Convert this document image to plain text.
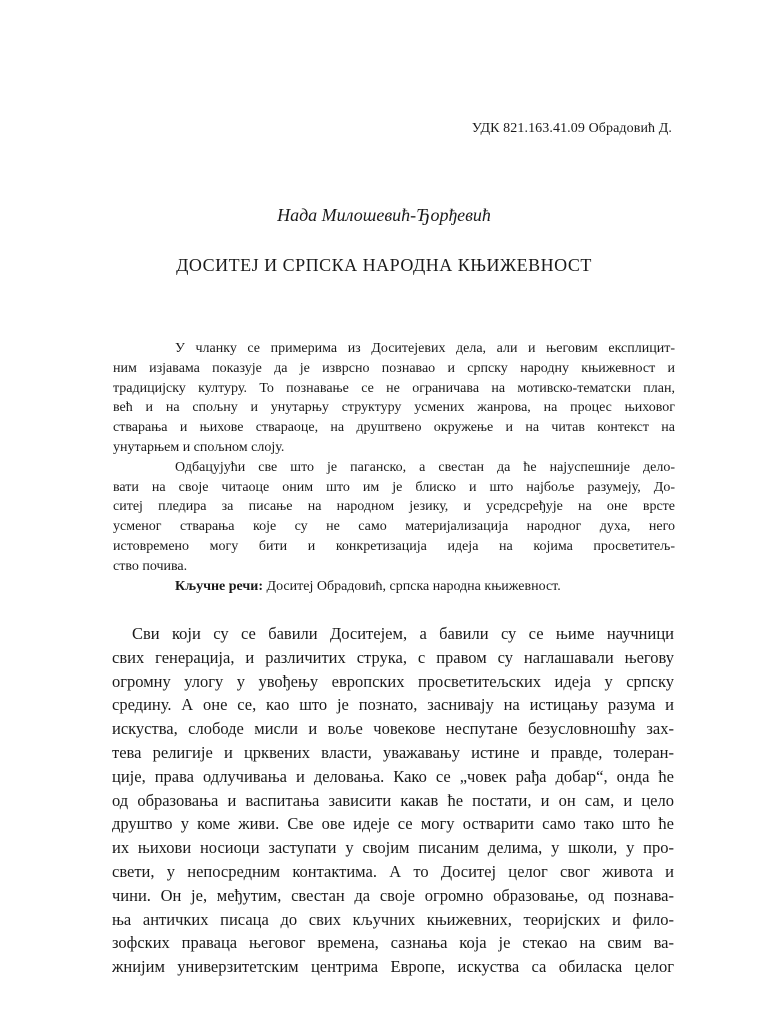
УДК 821.163.41.09 Обрадовић Д.
Нада Милошевић-Ђорђевић
ДОСИТЕЈ И СРПСКА НАРОДНА КЊИЖЕВНОСТ
У чланку се примерима из Доситејевих дела, али и његовим експлицит-
ним изјавама показује да је изврсно познавао и српску народну књижевност и
традицијску културу. То познавање се не ограничава на мотивско-тематски план,
већ и на спољну и унутарњу структуру усмених жанрова, на процес њиховог
стварања и њихове ствараоце, на друштвено окружење и на читав контекст на
унутарњем и спољном слоју.
Одбацујући све што је паганско, а свестан да ће најуспешније дело-
вати на своје читаоце оним што им је блиско и што најбоље разумеју, До-
ситеј пледира за писање на народном језику, и усредсређује на оне врсте
усменог стварања које су не само материјализација народног духа, него
истовремено могу бити и конкретизација идеја на којима просветитељ-
ство почива.
Кључне речи: Доситеј Обрадовић, српска народна књижевност.
Сви који су се бавили Доситејем, а бавили су се њиме научници
свих генерација, и различитих струка, с правом су наглашавали његову
огромну улогу у увођењу европских просветитељских идеја у српску
средину. А оне се, као што је познато, заснивају на истицању разума и
искуства, слободе мисли и воље човекове неспутане безусловношћу зах-
тева религије и црквених власти, уважавању истине и правде, толеран-
ције, права одлучивања и деловања. Како се „човек рађа добар“, онда ће
од образовања и васпитања зависити какав ће постати, и он сам, и цело
друштво у коме живи. Све ове идеје се могу остварити само тако што ће
их њихови носиоци заступати у својим писаним делима, у школи, у про-
свети, у непосредним контактима. А то Доситеј целог свог живота и
чини. Он је, међутим, свестан да своје огромно образовање, од познава-
ња античких писаца до свих кључних књижевних, теоријских и фило-
зофских праваца његовог времена, сазнања која је стекао на свим ва-
жнијим универзитетским центрима Европе, искуства са обиласка целог
